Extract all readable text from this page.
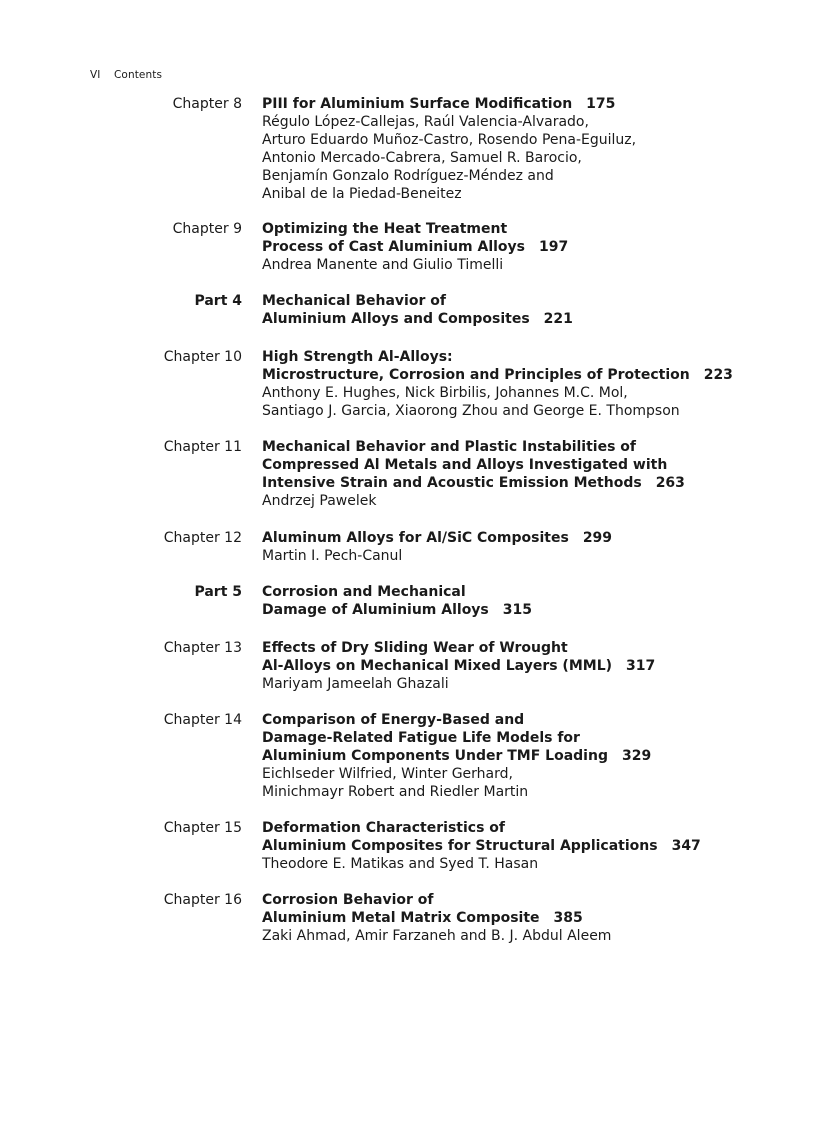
VI Contents
Chapter 8 PIII for Aluminium Surface Modification 175
Régulo López-Callejas, Raúl Valencia-Alvarado,
Arturo Eduardo Muñoz-Castro, Rosendo Pena-Eguiluz,
Antonio Mercado-Cabrera, Samuel R. Barocio,
Benjamín Gonzalo Rodríguez-Méndez and
Anibal de la Piedad-Beneitez
Chapter 9 Optimizing the Heat Treatment
Process of Cast Aluminium Alloys 197
Andrea Manente and Giulio Timelli
Part 4 Mechanical Behavior of
Aluminium Alloys and Composites 221
Chapter 10 High Strength Al-Alloys:
Microstructure, Corrosion and Principles of Protection 223
Anthony E. Hughes, Nick Birbilis, Johannes M.C. Mol,
Santiago J. Garcia, Xiaorong Zhou and George E. Thompson
Chapter 11 Mechanical Behavior and Plastic Instabilities of
Compressed Al Metals and Alloys Investigated with
Intensive Strain and Acoustic Emission Methods 263
Andrzej Pawelek
Chapter 12 Aluminum Alloys for Al/SiC Composites 299
Martin I. Pech-Canul
Part 5 Corrosion and Mechanical
Damage of Aluminium Alloys 315
Chapter 13 Effects of Dry Sliding Wear of Wrought
Al-Alloys on Mechanical Mixed Layers (MML) 317
Mariyam Jameelah Ghazali
Chapter 14 Comparison of Energy-Based and
Damage-Related Fatigue Life Models for
Aluminium Components Under TMF Loading 329
Eichlseder Wilfried, Winter Gerhard,
Minichmayr Robert and Riedler Martin
Chapter 15 Deformation Characteristics of
Aluminium Composites for Structural Applications 347
Theodore E. Matikas and Syed T. Hasan
Chapter 16 Corrosion Behavior of
Aluminium Metal Matrix Composite 385
Zaki Ahmad, Amir Farzaneh and B. J. Abdul Aleem
